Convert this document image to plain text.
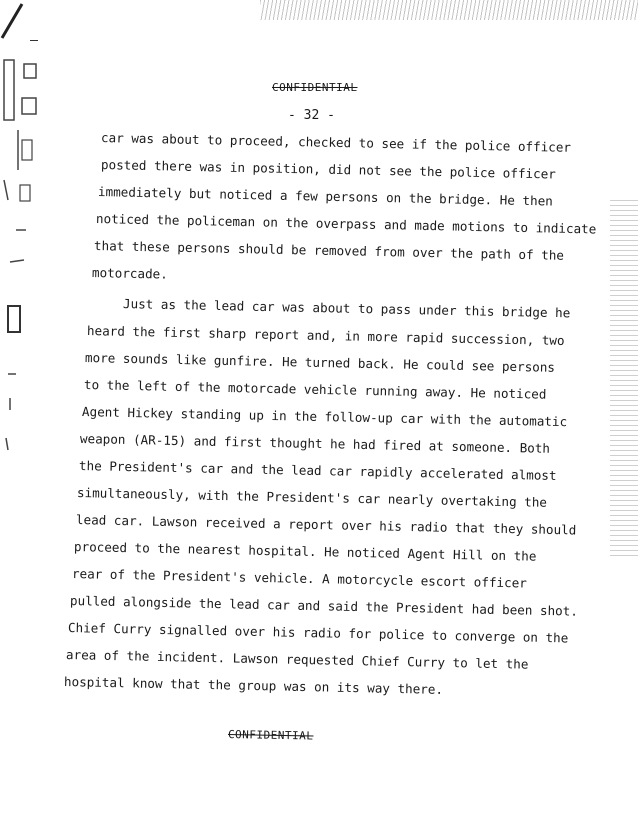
CONFIDENTIAL
- 32 -
car was about to proceed, checked to see if the police officer
posted there was in position, did not see the police officer
immediately but noticed a few persons on the bridge. He then
noticed the policeman on the overpass and made motions to indicate
that these persons should be removed from over the path of the
motorcade.
Just as the lead car was about to pass under this bridge he
heard the first sharp report and, in more rapid succession, two
more sounds like gunfire. He turned back. He could see persons
to the left of the motorcade vehicle running away. He noticed
Agent Hickey standing up in the follow-up car with the automatic
weapon (AR-15) and first thought he had fired at someone. Both
the President's car and the lead car rapidly accelerated almost
simultaneously, with the President's car nearly overtaking the
lead car. Lawson received a report over his radio that they should
proceed to the nearest hospital. He noticed Agent Hill on the
rear of the President's vehicle. A motorcycle escort officer
pulled alongside the lead car and said the President had been shot.
Chief Curry signalled over his radio for police to converge on the
area of the incident. Lawson requested Chief Curry to let the
hospital know that the group was on its way there.
CONFIDENTIAL
